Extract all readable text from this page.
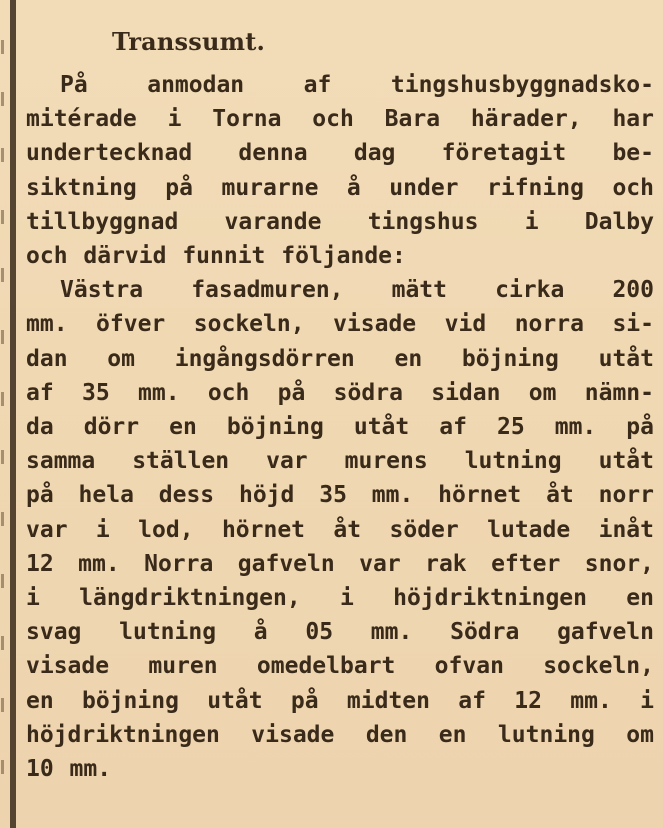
Transsumt.

På anmodan af tingshusbyggnadsko-
mitérade i Torna och Bara härader, har
undertecknad denna dag företagit be-
siktning på murarne å under rifning och
tillbyggnad varande tingshus i Dalby
och därvid funnit följande:

Västra fasadmuren, mätt cirka 200
mm. öfver sockeln, visade vid norra si-
dan om ingångsdörren en böjning utåt
af 35 mm. och på södra sidan om nämn-
da dörr en böjning utåt af 25 mm. på
samma ställen var murens lutning utåt
på hela dess höjd 35 mm. hörnet åt norr
var i lod, hörnet åt söder lutade inåt
12 mm. Norra gafveln var rak efter snor,
i längdriktningen, i höjdriktningen en
svag lutning å 05 mm. Södra gafveln
visade muren omedelbart ofvan sockeln,
en böjning utåt på midten af 12 mm. i
höjdriktningen visade den en lutning om
10 mm.
